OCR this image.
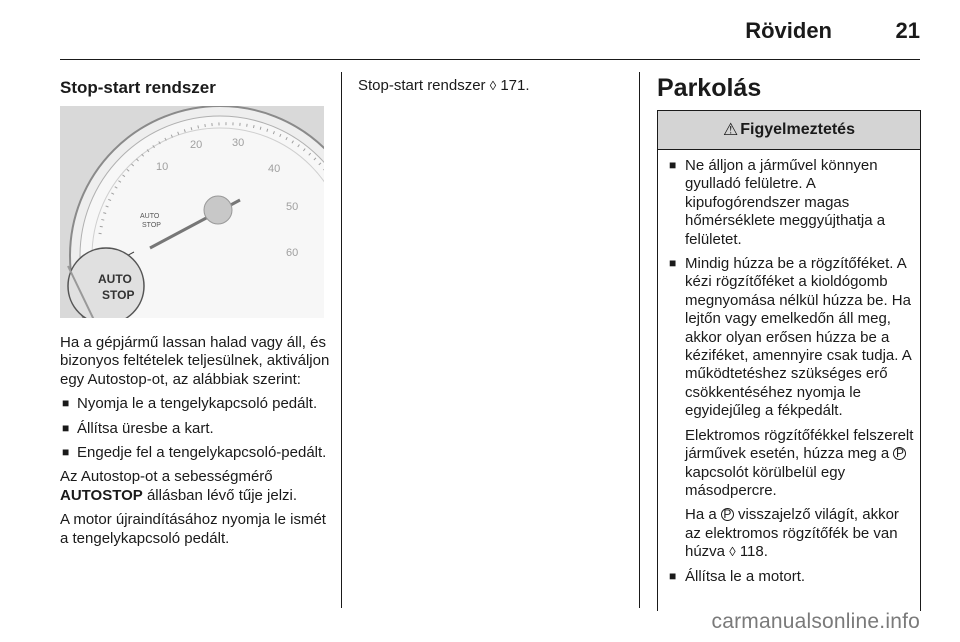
Röviden	21
Stop-start rendszer
10
20	30
40
50
60
AUTO
STOP
AUTO
STOP

Ha a gépjármű lassan halad vagy áll, és bizonyos feltételek teljesülnek, aktiváljon egy Autostop-ot, az alábbiak szerint:

■ Nyomja le a tengelykapcsoló pedált.
■ Állítsa üresbe a kart.
■ Engedje fel a tengelykapcsoló-pedált.

Az Autostop-ot a sebességmérő AUTOSTOP állásban lévő tűje jelzi.

A motor újraindításához nyomja le ismét a tengelykapcsoló pedált.

Stop-start rendszer ◊ 171.	Parkolás
⚠ Figyelmeztetés
■ Ne álljon a járművel könnyen gyulladó felületre. A kipufogórendszer magas hőmérséklete meggyújthatja a felületet.
■ Mindig húzza be a rögzítőféket. A kézi rögzítőféket a kioldógomb megnyomása nélkül húzza be. Ha lejtőn vagy emelkedőn áll meg, akkor olyan erősen húzza be a kéziféket, amennyire csak tudja. A működtetéshez szükséges erő csökkentéséhez nyomja le egyidejűleg a fékpedált.

Elektromos rögzítőfékkel felszerelt járművek esetén, húzza meg a P kapcsolót körülbelül egy másodpercre.

Ha a P visszajelző világít, akkor az elektromos rögzítőfék be van húzva ◊ 118.

■ Állítsa le a motort.
carmanualsonline.info
